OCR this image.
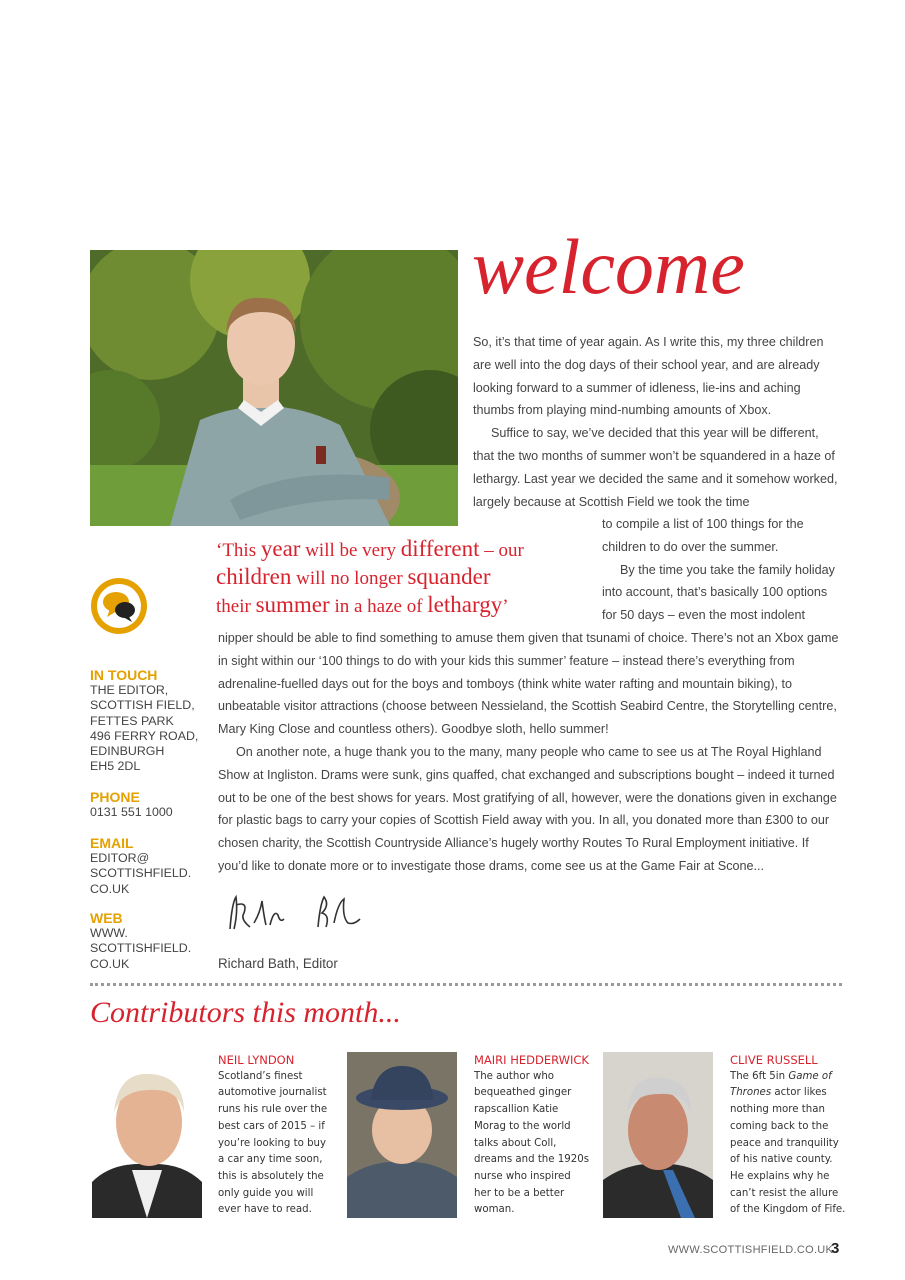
welcome

So, it’s that time of year again. As I write this, my three children are well into the dog days of their school year, and are already looking forward to a summer of idleness, lie-ins and aching thumbs from playing mind-numbing amounts of Xbox.

Suffice to say, we’ve decided that this year will be different, that the two months of summer won’t be squandered in a haze of lethargy. Last year we decided the same and it somehow worked, largely because at Scottish Field we took the time

to compile a list of 100 things for the children to do over the summer.

By the time you take the family holiday into account, that’s basically 100 options for 50 days – even the most indolent

‘This year will be very different – our
children will no longer squander
their summer in a haze of lethargy’

nipper should be able to find something to amuse them given that tsunami of choice. There’s not an Xbox game in sight within our ‘100 things to do with your kids this summer’ feature – instead there’s everything from adrenaline-fuelled days out for the boys and tomboys (think white water rafting and mountain biking), to unbeatable visitor attractions (choose between Nessieland, the Scottish Seabird Centre, the Storytelling centre, Mary King Close and countless others). Goodbye sloth, hello summer!

On another note, a huge thank you to the many, many people who came to see us at The Royal Highland Show at Ingliston. Drams were sunk, gins quaffed, chat exchanged and subscriptions bought – indeed it turned out to be one of the best shows for years. Most gratifying of all, however, were the donations given in exchange for plastic bags to carry your copies of Scottish Field away with you. In all, you donated more than £300 to our chosen charity, the Scottish Countryside Alliance’s hugely worthy Routes To Rural Employment initiative. If you’d like to donate more or to investigate those drams, come see us at the Game Fair at Scone...

IN TOUCH
THE EDITOR,
SCOTTISH FIELD,
FETTES PARK
496 FERRY ROAD,
EDINBURGH
EH5 2DL
PHONE
0131 551 1000
EMAIL
EDITOR@
SCOTTISHFIELD.
CO.UK
WEB
WWW.
SCOTTISHFIELD.
CO.UK	Richard Bath, Editor
Contributors this month...
NEIL LYNDON
Scotland’s finest automotive journalist runs his rule over the best cars of 2015 – if you’re looking to buy a car any time soon, this is absolutely the only guide you will ever have to read.
MAIRI HEDDERWICK
The author who bequeathed ginger rapscallion Katie Morag to the world talks about Coll, dreams and the 1920s nurse who inspired her to be a better woman.
CLIVE RUSSELL
The 6ft 5in Game of Thrones actor likes nothing more than coming back to the peace and tranquility of his native county. He explains why he can’t resist the allure of the Kingdom of Fife.
WWW.SCOTTISHFIELD.CO.UK
3
